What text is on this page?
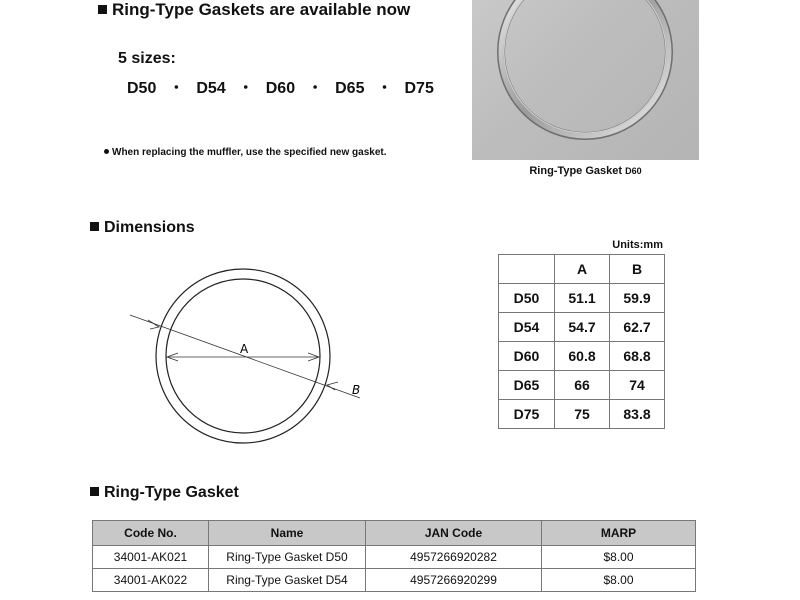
Ring-Type Gaskets are available now
5 sizes:
D50 ・ D54 ・ D60 ・ D65 ・ D75
When replacing the muffler, use the specified new gasket.
Ring-Type Gasket D60
Dimensions
A
B
Units:mm
	A	B
D50	51.1	59.9
D54	54.7	62.7
D60	60.8	68.8
D65	66	74
D75	75	83.8
Ring-Type Gasket
Code No.	Name	JAN Code	MARP
34001-AK021	Ring-Type Gasket D50	4957266920282	$8.00
34001-AK022	Ring-Type Gasket D54	4957266920299	$8.00
